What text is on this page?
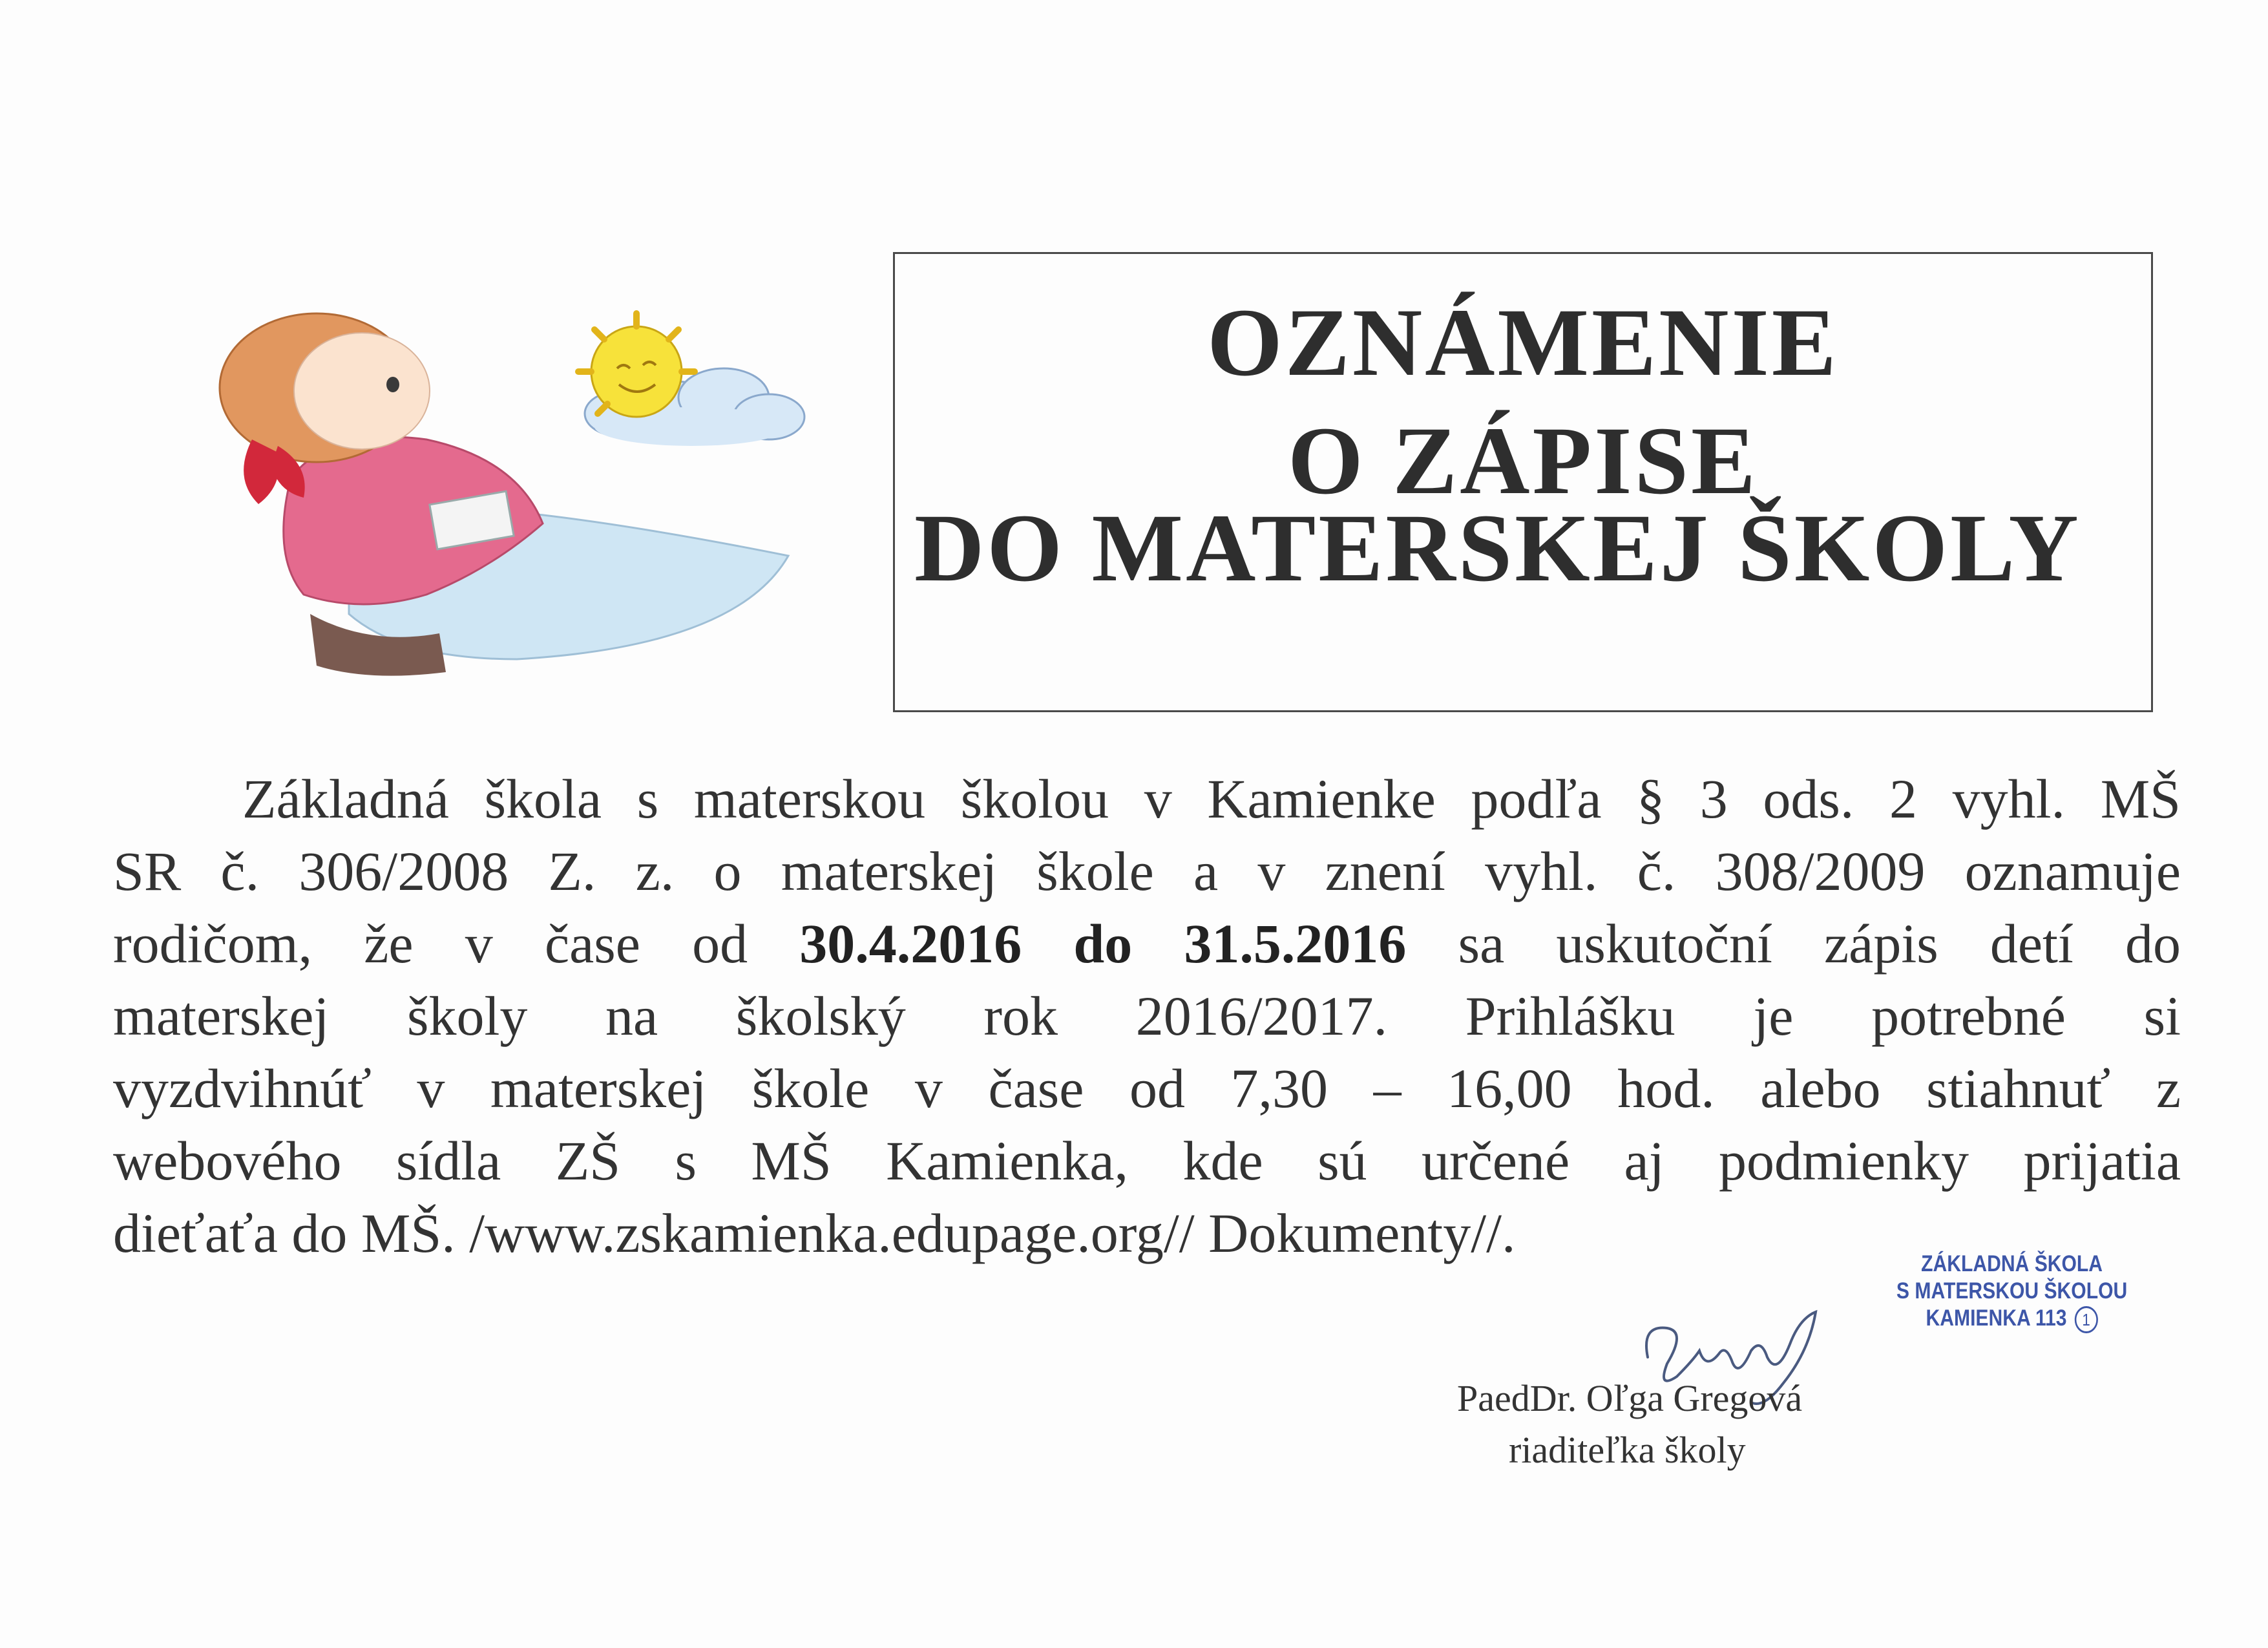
OZNÁMENIE
O ZÁPISE
DO MATERSKEJ ŠKOLY
Základná škola s materskou školou v Kamienke podľa § 3 ods. 2 vyhl. MŠ
SR č. 306/2008 Z. z. o materskej škole a v znení vyhl. č. 308/2009 oznamuje
rodičom, že v čase od 30.4.2016 do 31.5.2016 sa uskutoční zápis detí do
materskej školy na školský rok 2016/2017. Prihlášku je potrebné si
vyzdvihnúť v materskej škole v čase od 7,30 – 16,00 hod. alebo stiahnuť z
webového sídla ZŠ s MŠ Kamienka, kde sú určené aj podmienky prijatia
dieťaťa do MŠ. /www.zskamienka.edupage.org// Dokumenty//.	ZÁKLADNÁ ŠKOLA
S MATERSKOU ŠKOLOU
KAMIENKA 113 1
PaedDr. Oľga Gregová
riaditeľka školy
